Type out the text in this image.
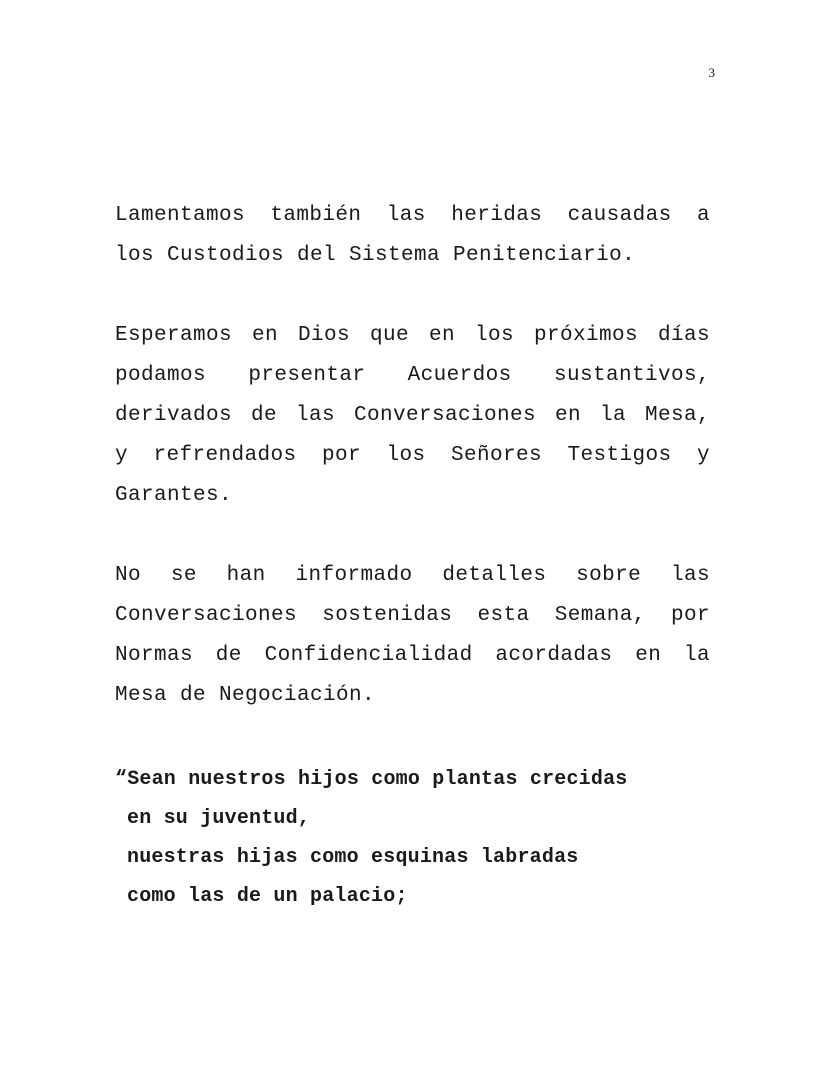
3

Lamentamos también las heridas causadas a
los Custodios del Sistema Penitenciario.

Esperamos en Dios que en los próximos días
podamos presentar Acuerdos sustantivos,
derivados de las Conversaciones en la Mesa,
y refrendados por los Señores Testigos y
Garantes.

No se han informado detalles sobre las
Conversaciones sostenidas esta Semana, por
Normas de Confidencialidad acordadas en la
Mesa de Negociación.

“Sean nuestros hijos como plantas crecidas
en su juventud,
nuestras hijas como esquinas labradas
como las de un palacio;
